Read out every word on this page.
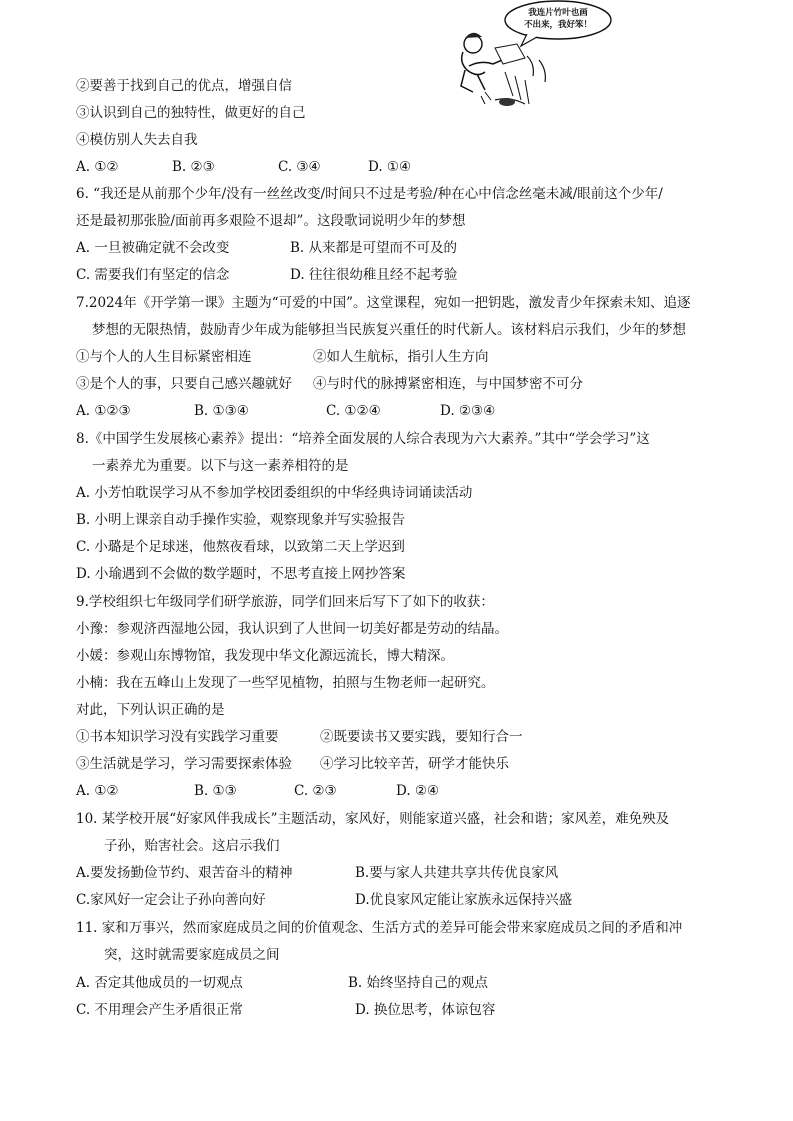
我连片竹叶也画
不出来，我好笨！
②要善于找到自己的优点，增强自信
③认识到自己的独特性，做更好的自己
④模仿别人失去自我
A. ①②	B. ②③	C. ③④	D. ①④
6. “我还是从前那个少年/没有一丝丝改变/时间只不过是考验/种在心中信念丝毫未减/眼前这个少年/
还是最初那张脸/面前再多艰险不退却”。这段歌词说明少年的梦想
A. 一旦被确定就不会改变	B. 从来都是可望而不可及的
C. 需要我们有坚定的信念	D. 往往很幼稚且经不起考验
7.2024年《开学第一课》主题为“可爱的中国”。这堂课程，宛如一把钥匙，激发青少年探索未知、追逐
梦想的无限热情，鼓励青少年成为能够担当民族复兴重任的时代新人。该材料启示我们，少年的梦想
①与个人的人生目标紧密相连	②如人生航标，指引人生方向
③是个人的事，只要自己感兴趣就好 ④与时代的脉搏紧密相连，与中国梦密不可分
A. ①②③	B. ①③④	C. ①②④	D. ②③④
8.《中国学生发展核心素养》提出：“培养全面发展的人综合表现为六大素养。”其中“学会学习”这
一素养尤为重要。以下与这一素养相符的是
A. 小芳怕耽误学习从不参加学校团委组织的中华经典诗词诵读活动
B. 小明上课亲自动手操作实验，观察现象并写实验报告
C. 小璐是个足球迷，他熬夜看球，以致第二天上学迟到
D. 小瑜遇到不会做的数学题时，不思考直接上网抄答案
9.学校组织七年级同学们研学旅游，同学们回来后写下了如下的收获：
小豫：参观济西湿地公园，我认识到了人世间一切美好都是劳动的结晶。
小媛：参观山东博物馆，我发现中华文化源远流长，博大精深。
小楠：我在五峰山上发现了一些罕见植物，拍照与生物老师一起研究。
对此，下列认识正确的是
①书本知识学习没有实践学习重要	②既要读书又要实践，要知行合一
③生活就是学习，学习需要探索体验 ④学习比较辛苦，研学才能快乐
A. ①②	B. ①③	C. ②③	D. ②④
10. 某学校开展“好家风伴我成长”主题活动，家风好，则能家道兴盛，社会和谐；家风差，难免殃及
子孙，贻害社会。这启示我们
A.要发扬勤俭节约、艰苦奋斗的精神	B.要与家人共建共享共传优良家风
C.家风好一定会让子孙向善向好	D.优良家风定能让家族永远保持兴盛
11. 家和万事兴，然而家庭成员之间的价值观念、生活方式的差异可能会带来家庭成员之间的矛盾和冲
突，这时就需要家庭成员之间
A. 否定其他成员的一切观点	B. 始终坚持自己的观点
C. 不用理会产生矛盾很正常	D. 换位思考，体谅包容
